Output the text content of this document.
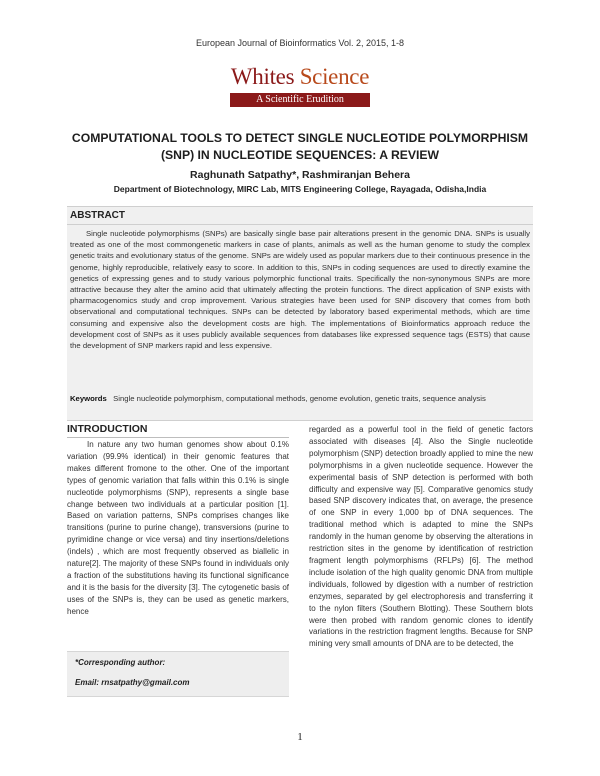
European Journal of Bioinformatics Vol. 2, 2015, 1-8
Whites Science
A Scientific Erudition
COMPUTATIONAL TOOLS TO DETECT SINGLE NUCLEOTIDE POLYMORPHISM (SNP) IN NUCLEOTIDE SEQUENCES: A REVIEW
Raghunath Satpathy*, Rashmiranjan Behera
Department of Biotechnology, MIRC Lab, MITS Engineering College, Rayagada, Odisha,India
ABSTRACT
Single nucleotide polymorphisms (SNPs) are basically single base pair alterations present in the genomic DNA. SNPs is usually treated as one of the most commongenetic markers in case of plants, animals as well as the human genome to study the complex genetic traits and evolutionary status of the genome. SNPs are widely used as popular markers due to their continuous presence in the genome, highly reproducible, relatively easy to score. In addition to this, SNPs in coding sequences are used to directly examine the genetics of expressing genes and to study various polymorphic functional traits. Specifically the non-synonymous SNPs are more attractive because they alter the amino acid that ultimately affecting the protein functions. The direct application of SNP exists with pharmacogenomics study and crop improvement. Various strategies have been used for SNP discovery that comes from both observational and computational techniques. SNPs can be detected by laboratory based experimental methods, which are time consuming and expensive also the development costs are high. The implementations of Bioinformatics approach reduce the development cost of SNPs as it uses publicly available sequences from databases like expressed sequence tags (ESTS) that cause the development of SNP markers rapid and less expensive.
Keywords Single nucleotide polymorphism, computational methods, genome evolution, genetic traits, sequence analysis
INTRODUCTION
In nature any two human genomes show about 0.1% variation (99.9% identical) in their genomic features that makes different fromone to the other. One of the important types of genomic variation that falls within this 0.1% is single nucleotide polymorphisms (SNP), represents a single base change between two individuals at a particular position [1]. Based on variation patterns, SNPs comprises changes like transitions (purine to purine change), transversions (purine to pyrimidine change or vice versa) and tiny insertions/deletions (indels) , which are most frequently observed as biallelic in nature[2]. The majority of these SNPs found in individuals only a fraction of the substitutions having its functional significance and it is the basis for the diversity [3]. The cytogenetic basis of uses of the SNPs is, they can be used as genetic markers, hence
regarded as a powerful tool in the field of genetic factors associated with diseases [4]. Also the Single nucleotide polymorphism (SNP) detection broadly applied to mine the new polymorphisms in a given nucleotide sequence. However the experimental basis of SNP detection is performed with both difficulty and expensive way [5]. Comparative genomics study based SNP discovery indicates that, on average, the presence of one SNP in every 1,000 bp of DNA sequences. The traditional method which is adapted to mine the SNPs randomly in the human genome by observing the alterations in restriction sites in the genome by identification of restriction fragment length polymorphisms (RFLPs) [6]. The method include isolation of the high quality genomic DNA from multiple individuals, followed by digestion with a number of restriction enzymes, separated by gel electrophoresis and transferring it to the nylon filters (Southern Blotting). These Southern blots were then probed with random genomic clones to identify variations in the restriction fragment lengths. Because for SNP mining very small amounts of DNA are to be detected, the
*Corresponding author:
Email: rnsatpathy@gmail.com
1
